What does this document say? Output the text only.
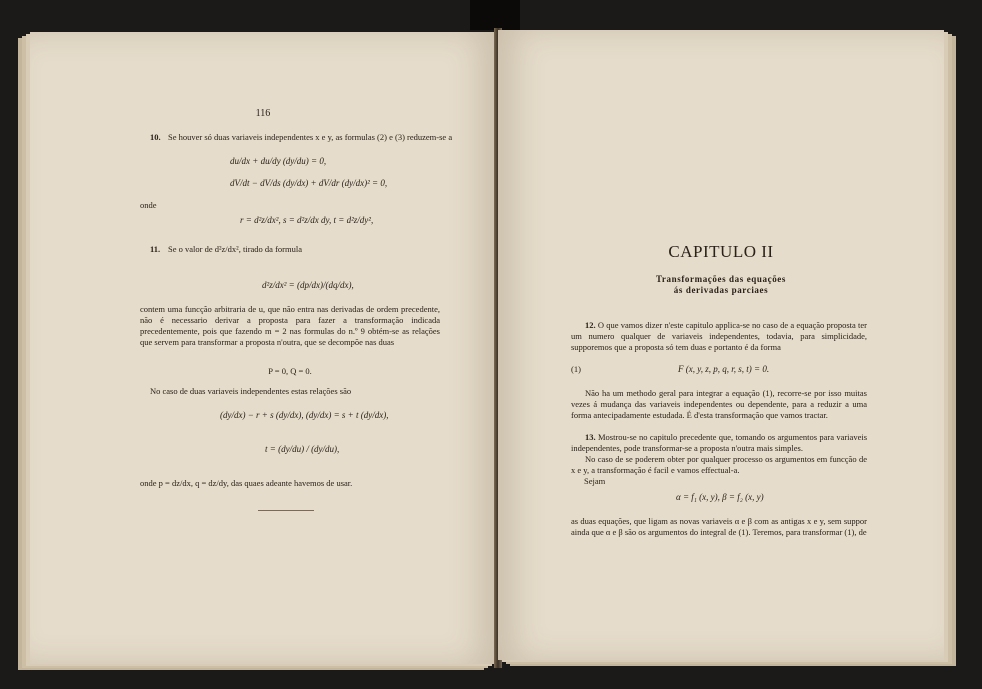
116
10. Se houver só duas variaveis independentes x e y, as formulas (2) e (3) reduzem-se a
du/dx + du/dy (dy/du) = 0,
dV/dt − dV/ds (dy/dx) + dV/dr (dy/dx)² = 0,
onde
r = d²z/dx², s = d²z/dx dy, t = d²z/dy²,
11. Se o valor de d²z/dx², tirado da formula
d²z/dx² = (dp/dx)/(dq/dx),
contem uma funcção arbitraria de u, que não entra nas derivadas de ordem precedente, não é necessario derivar a proposta para fazer a transformação indicada precedentemente, pois que fazendo m = 2 nas formulas do n.º 9 obtém-se as relações que servem para transformar a proposta n'outra, que se decompõe nas duas
P = 0, Q = 0.
No caso de duas variaveis independentes estas relações são
(dy/dx) − r + s (dy/dx), (dy/dx) = s + t (dy/dx),
t = (dy/du) / (dy/du),
onde p = dz/dx, q = dz/dy, das quaes adeante havemos de usar.
CAPITULO II
Transformações das equações
ás derivadas parciaes
12. O que vamos dizer n'este capitulo applica-se no caso de a equação proposta ter um numero qualquer de variaveis independentes, todavia, para simplicidade, supporemos que a proposta só tem duas e portanto é da forma
(1)	F (x, y, z, p, q, r, s, t) = 0.
Não ha um methodo geral para integrar a equação (1), recorre-se por isso muitas vezes á mudança das variaveis independentes ou dependente, para a reduzir a uma forma antecipadamente estudada. É d'esta transformação que vamos tractar.
13. Mostrou-se no capitulo precedente que, tomando os argumentos para variaveis independentes, pode transformar-se a proposta n'outra mais simples.
No caso de se poderem obter por qualquer processo os argumentos em funcção de x e y, a transformação é facil e vamos effectual-a.
Sejam
α = f₁ (x, y), β = f₂ (x, y)
as duas equações, que ligam as novas variaveis α e β com as antigas x e y, sem suppor ainda que α e β são os argumentos do integral de (1). Teremos, para transformar (1), de
